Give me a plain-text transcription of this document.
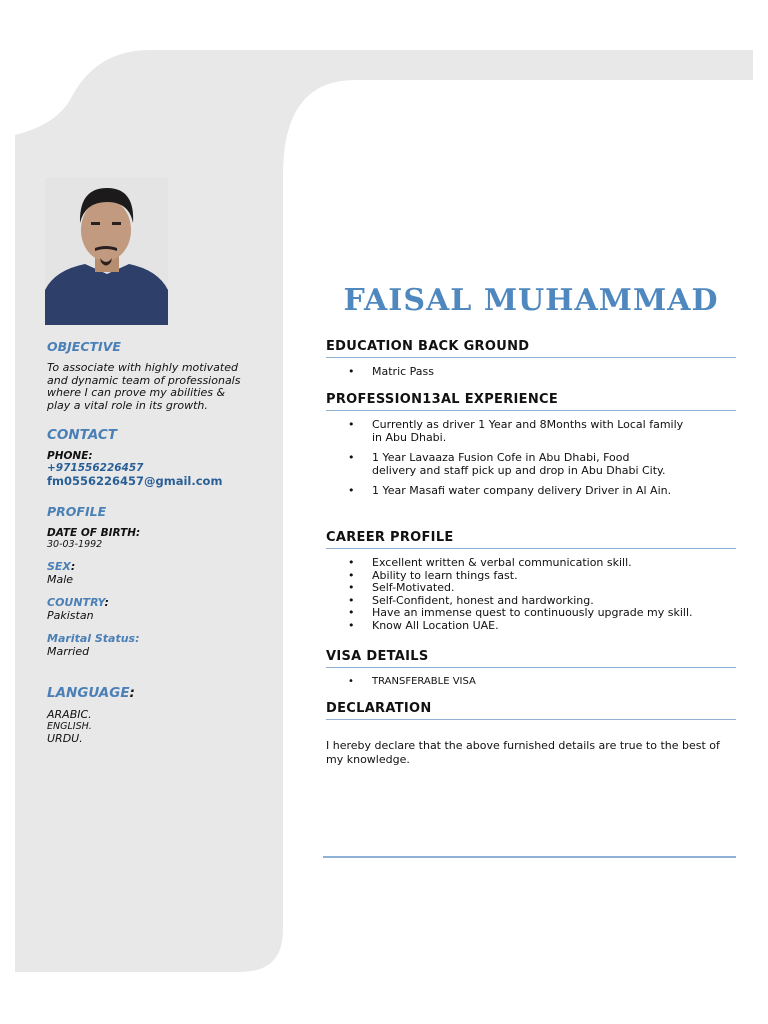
OBJECTIVE
To associate with highly motivated
and dynamic team of professionals
where I can prove my abilities &
play a vital role in its growth.
CONTACT
PHONE:
+971556226457
fm0556226457@gmail.com
PROFILE
DATE OF BIRTH:
30-03-1992
SEX:
Male
COUNTRY:
Pakistan
Marital Status:
Married
LANGUAGE:
ARABIC.
ENGLISH.
URDU.
FAISAL MUHAMMAD
EDUCATION BACK GROUND
• Matric Pass
PROFESSION13AL EXPERIENCE
• Currently as driver 1 Year and 8Months with Local family
in Abu Dhabi.
• 1 Year Lavaaza Fusion Cofe in Abu Dhabi, Food
delivery and staff pick up and drop in Abu Dhabi City.
• 1 Year Masafi water company delivery Driver in Al Ain.
CAREER PROFILE
• Excellent written & verbal communication skill.
• Ability to learn things fast.
• Self-Motivated.
• Self-Confident, honest and hardworking.
• Have an immense quest to continuously upgrade my skill.
• Know All Location UAE.
VISA DETAILS
• TRANSFERABLE VISA
DECLARATION
I hereby declare that the above furnished details are true to the best of
my knowledge.
